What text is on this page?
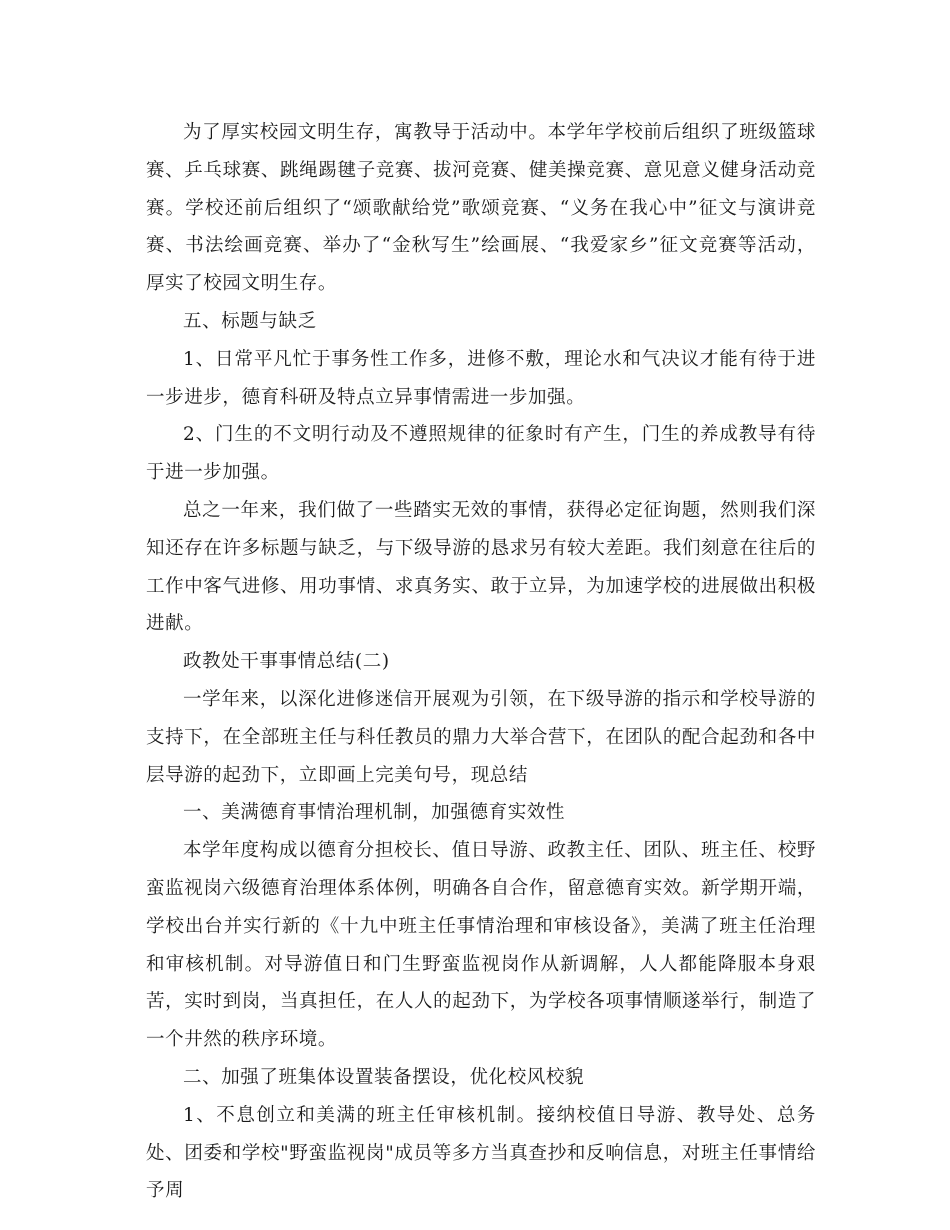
为了厚实校园文明生存，寓教导于活动中。本学年学校前后组织了班级篮球赛、乒乓球赛、跳绳踢毽子竞赛、拔河竞赛、健美操竞赛、意见意义健身活动竞赛。学校还前后组织了“颂歌献给党”歌颂竞赛、“义务在我心中”征文与演讲竞赛、书法绘画竞赛、举办了“金秋写生”绘画展、“我爱家乡”征文竞赛等活动，厚实了校园文明生存。

五、标题与缺乏

1、日常平凡忙于事务性工作多，进修不敷，理论水和气决议才能有待于进一步进步，德育科研及特点立异事情需进一步加强。

2、门生的不文明行动及不遵照规律的征象时有产生，门生的养成教导有待于进一步加强。

总之一年来，我们做了一些踏实无效的事情，获得必定征询题，然则我们深知还存在许多标题与缺乏，与下级导游的恳求另有较大差距。我们刻意在往后的工作中客气进修、用功事情、求真务实、敢于立异，为加速学校的进展做出积极进献。

政教处干事事情总结(二)

一学年来，以深化进修迷信开展观为引领，在下级导游的指示和学校导游的支持下，在全部班主任与科任教员的鼎力大举合营下，在团队的配合起劲和各中层导游的起劲下，立即画上完美句号，现总结

一、美满德育事情治理机制，加强德育实效性

本学年度构成以德育分担校长、值日导游、政教主任、团队、班主任、校野蛮监视岗六级德育治理体系体例，明确各自合作，留意德育实效。新学期开端，学校出台并实行新的《十九中班主任事情治理和审核设备》，美满了班主任治理和审核机制。对导游值日和门生野蛮监视岗作从新调解，人人都能降服本身艰苦，实时到岗，当真担任，在人人的起劲下，为学校各项事情顺遂举行，制造了一个井然的秩序环境。

二、加强了班集体设置装备摆设，优化校风校貌

1、不息创立和美满的班主任审核机制。接纳校值日导游、教导处、总务处、团委和学校"野蛮监视岗"成员等多方当真查抄和反响信息，对班主任事情给予周
